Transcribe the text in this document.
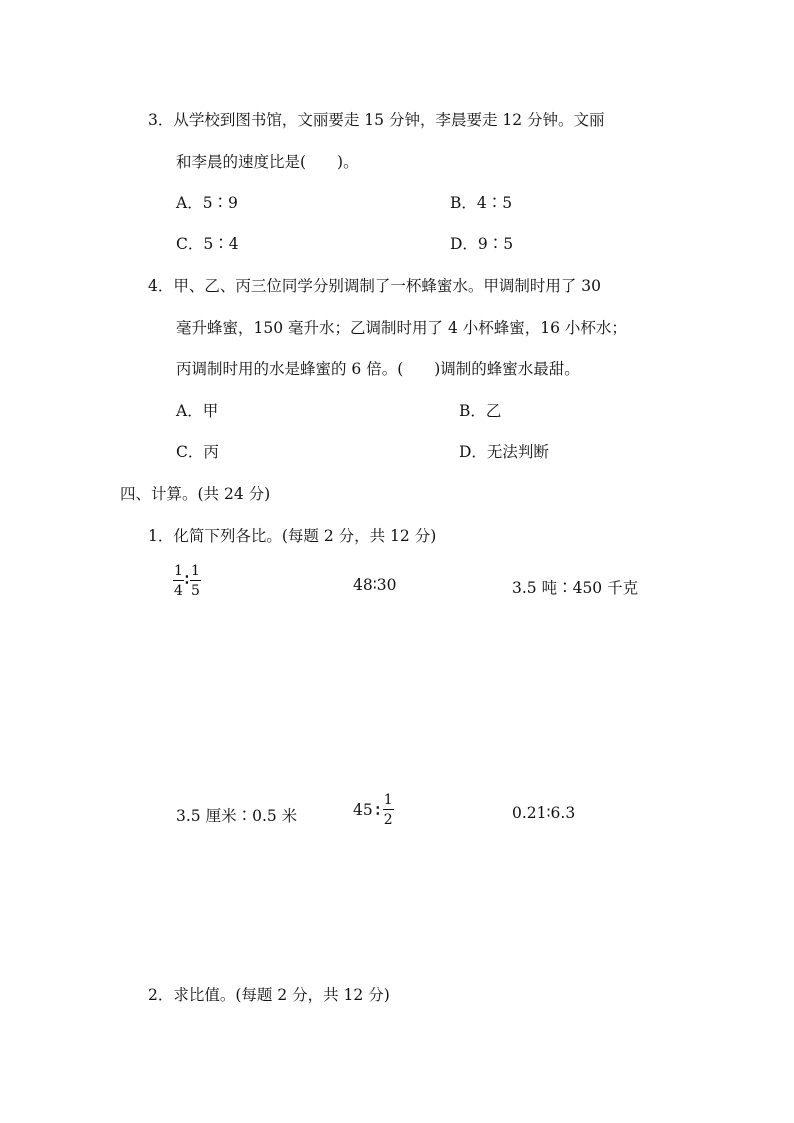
3．从学校到图书馆，文丽要走 15 分钟，李晨要走 12 分钟。文丽
和李晨的速度比是(　　)。
A．5∶9	B．4∶5
C．5∶4	D．9∶5
4．甲、乙、丙三位同学分别调制了一杯蜂蜜水。甲调制时用了 30
毫升蜂蜜，150 毫升水；乙调制时用了 4 小杯蜂蜜，16 小杯水；
丙调制时用的水是蜂蜜的 6 倍。(　　)调制的蜂蜜水最甜。
A．甲	B．乙
C．丙	D．无法判断
四、计算。(共 24 分)
1．化简下列各比。(每题 2 分，共 12 分)
$\frac{1}{4}$ ∶ $\frac{1}{5}$	48∶30	3.5 吨∶450 千克
3.5 厘米∶0.5 米	45 ∶ $\frac{1}{2}$	0.21∶6.3
2．求比值。(每题 2 分，共 12 分)
